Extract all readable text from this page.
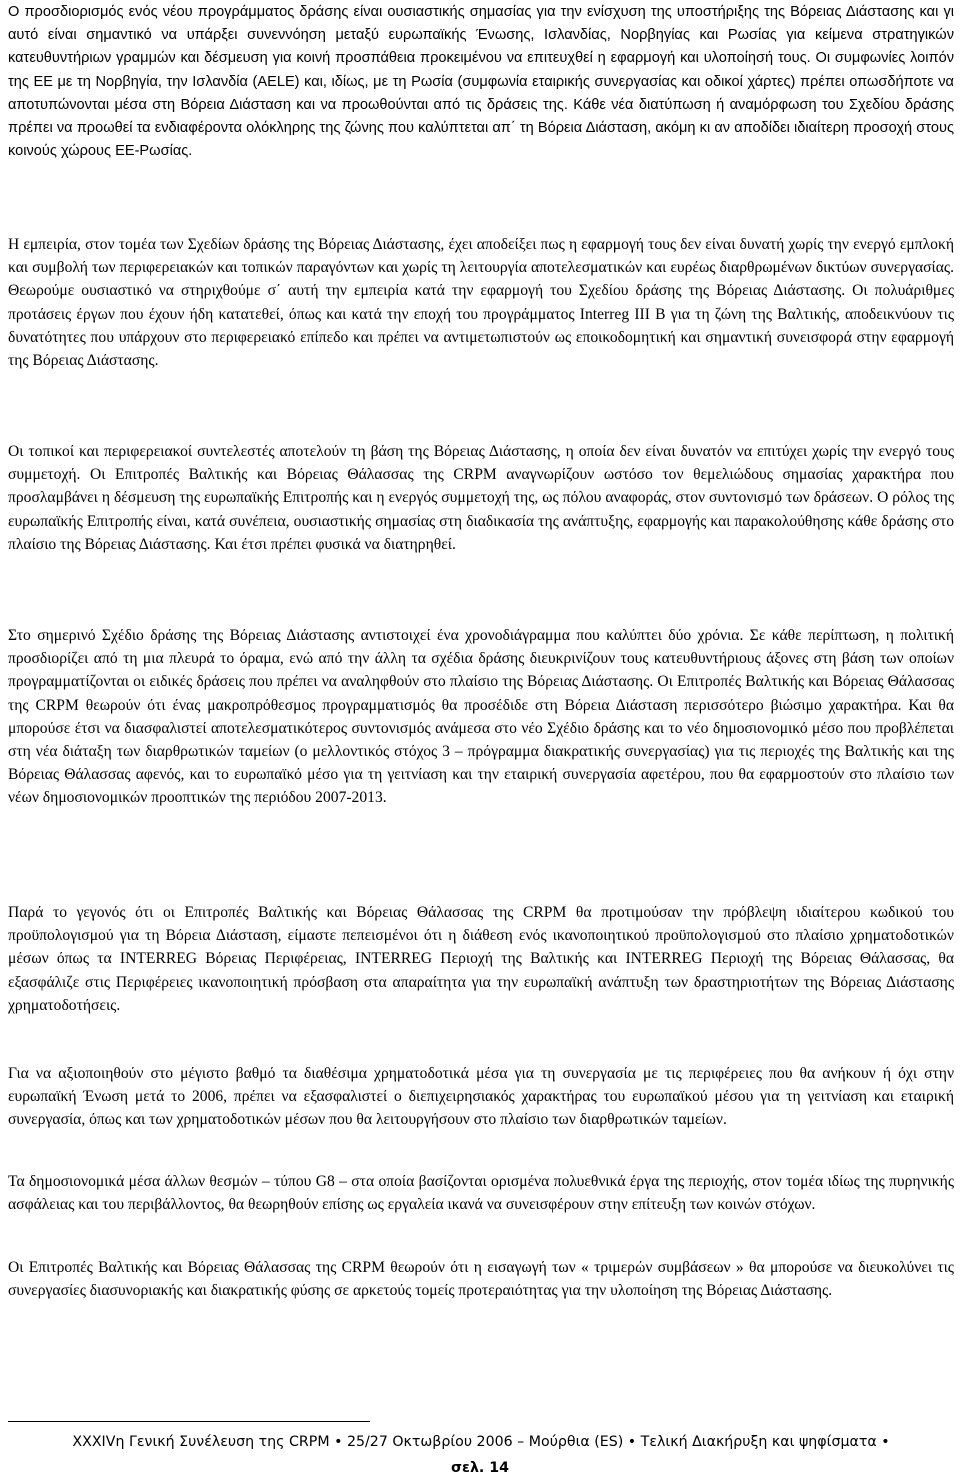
Ο προσδιορισμός ενός νέου προγράμματος δράσης είναι ουσιαστικής σημασίας για την ενίσχυση της υποστήριξης της Βόρειας Διάστασης και γι αυτό είναι σημαντικό να υπάρξει συνεννόηση μεταξύ ευρωπαϊκής Ένωσης, Ισλανδίας, Νορβηγίας και Ρωσίας για κείμενα στρατηγικών κατευθυντήριων γραμμών και δέσμευση για κοινή προσπάθεια προκειμένου να επιτευχθεί η εφαρμογή και υλοποίησή τους. Οι συμφωνίες λοιπόν της ΕΕ με τη Νορβηγία, την Ισλανδία (AELE) και, ιδίως, με τη Ρωσία (συμφωνία εταιρικής συνεργασίας και οδικοί χάρτες) πρέπει οπωσδήποτε να αποτυπώνονται μέσα στη Βόρεια Διάσταση και να προωθούνται από τις δράσεις της. Κάθε νέα διατύπωση ή αναμόρφωση του Σχεδίου δράσης πρέπει να προωθεί τα ενδιαφέροντα ολόκληρης της ζώνης που καλύπτεται απ΄ τη Βόρεια Διάσταση, ακόμη κι αν αποδίδει ιδιαίτερη προσοχή στους κοινούς χώρους ΕΕ-Ρωσίας.

Η εμπειρία, στον τομέα των Σχεδίων δράσης της Βόρειας Διάστασης, έχει αποδείξει πως η εφαρμογή τους δεν είναι δυνατή χωρίς την ενεργό εμπλοκή και συμβολή των περιφερειακών και τοπικών παραγόντων και χωρίς τη λειτουργία αποτελεσματικών και ευρέως διαρθρωμένων δικτύων συνεργασίας. Θεωρούμε ουσιαστικό να στηριχθούμε σ΄ αυτή την εμπειρία κατά την εφαρμογή του Σχεδίου δράσης της Βόρειας Διάστασης. Οι πολυάριθμες προτάσεις έργων που έχουν ήδη κατατεθεί, όπως και κατά την εποχή του προγράμματος Interreg III B για τη ζώνη της Βαλτικής, αποδεικνύουν τις δυνατότητες που υπάρχουν στο περιφερειακό επίπεδο και πρέπει να αντιμετωπιστούν ως εποικοδομητική και σημαντική συνεισφορά στην εφαρμογή της Βόρειας Διάστασης.

Οι τοπικοί και περιφερειακοί συντελεστές αποτελούν τη βάση της Βόρειας Διάστασης, η οποία δεν είναι δυνατόν να επιτύχει χωρίς την ενεργό τους συμμετοχή. Οι Επιτροπές Βαλτικής και Βόρειας Θάλασσας της CRPM αναγνωρίζουν ωστόσο τον θεμελιώδους σημασίας χαρακτήρα που προσλαμβάνει η δέσμευση της ευρωπαϊκής Επιτροπής και η ενεργός συμμετοχή της, ως πόλου αναφοράς, στον συντονισμό των δράσεων. Ο ρόλος της ευρωπαϊκής Επιτροπής είναι, κατά συνέπεια, ουσιαστικής σημασίας στη διαδικασία της ανάπτυξης, εφαρμογής και παρακολούθησης κάθε δράσης στο πλαίσιο της Βόρειας Διάστασης. Και έτσι πρέπει φυσικά να διατηρηθεί.

Στο σημερινό Σχέδιο δράσης της Βόρειας Διάστασης αντιστοιχεί ένα χρονοδιάγραμμα που καλύπτει δύο χρόνια. Σε κάθε περίπτωση, η πολιτική προσδιορίζει από τη μια πλευρά το όραμα, ενώ από την άλλη τα σχέδια δράσης διευκρινίζουν τους κατευθυντήριους άξονες στη βάση των οποίων προγραμματίζονται οι ειδικές δράσεις που πρέπει να αναληφθούν στο πλαίσιο της Βόρειας Διάστασης. Οι Επιτροπές Βαλτικής και Βόρειας Θάλασσας της CRPM θεωρούν ότι ένας μακροπρόθεσμος προγραμματισμός θα προσέδιδε στη Βόρεια Διάσταση περισσότερο βιώσιμο χαρακτήρα. Και θα μπορούσε έτσι να διασφαλιστεί αποτελεσματικότερος συντονισμός ανάμεσα στο νέο Σχέδιο δράσης και το νέο δημοσιονομικό μέσο που προβλέπεται στη νέα διάταξη των διαρθρωτικών ταμείων (ο μελλοντικός στόχος 3 – πρόγραμμα διακρατικής συνεργασίας) για τις περιοχές της Βαλτικής και της Βόρειας Θάλασσας αφενός, και το ευρωπαϊκό μέσο για τη γειτνίαση και την εταιρική συνεργασία αφετέρου, που θα εφαρμοστούν στο πλαίσιο των νέων δημοσιονομικών προοπτικών της περιόδου 2007-2013.

Παρά το γεγονός ότι οι Επιτροπές Βαλτικής και Βόρειας Θάλασσας της CRPM θα προτιμούσαν την πρόβλεψη ιδιαίτερου κωδικού του προϋπολογισμού για τη Βόρεια Διάσταση, είμαστε πεπεισμένοι ότι η διάθεση ενός ικανοποιητικού προϋπολογισμού στο πλαίσιο χρηματοδοτικών μέσων όπως τα INTERREG Βόρειας Περιφέρειας, INTERREG Περιοχή της Βαλτικής και INTERREG Περιοχή της Βόρειας Θάλασσας, θα εξασφάλιζε στις Περιφέρειες ικανοποιητική πρόσβαση στα απαραίτητα για την ευρωπαϊκή ανάπτυξη των δραστηριοτήτων της Βόρειας Διάστασης χρηματοδοτήσεις.

Για να αξιοποιηθούν στο μέγιστο βαθμό τα διαθέσιμα χρηματοδοτικά μέσα για τη συνεργασία με τις περιφέρειες που θα ανήκουν ή όχι στην ευρωπαϊκή Ένωση μετά το 2006, πρέπει να εξασφαλιστεί ο διεπιχειρησιακός χαρακτήρας του ευρωπαϊκού μέσου για τη γειτνίαση και εταιρική συνεργασία, όπως και των χρηματοδοτικών μέσων που θα λειτουργήσουν στο πλαίσιο των διαρθρωτικών ταμείων.

Τα δημοσιονομικά μέσα άλλων θεσμών – τύπου G8 – στα οποία βασίζονται ορισμένα πολυεθνικά έργα της περιοχής, στον τομέα ιδίως της πυρηνικής ασφάλειας και του περιβάλλοντος, θα θεωρηθούν επίσης ως εργαλεία ικανά να συνεισφέρουν στην επίτευξη των κοινών στόχων.

Οι Επιτροπές Βαλτικής και Βόρειας Θάλασσας της CRPM θεωρούν ότι η εισαγωγή των « τριμερών συμβάσεων » θα μπορούσε να διευκολύνει τις συνεργασίες διασυνοριακής και διακρατικής φύσης σε αρκετούς τομείς προτεραιότητας για την υλοποίηση της Βόρειας Διάστασης.

XXXIVη Γενική Συνέλευση της CRPM • 25/27 Οκτωβρίου 2006 – Μούρθια (ES) • Τελική Διακήρυξη και ψηφίσματα •
σελ. 14
